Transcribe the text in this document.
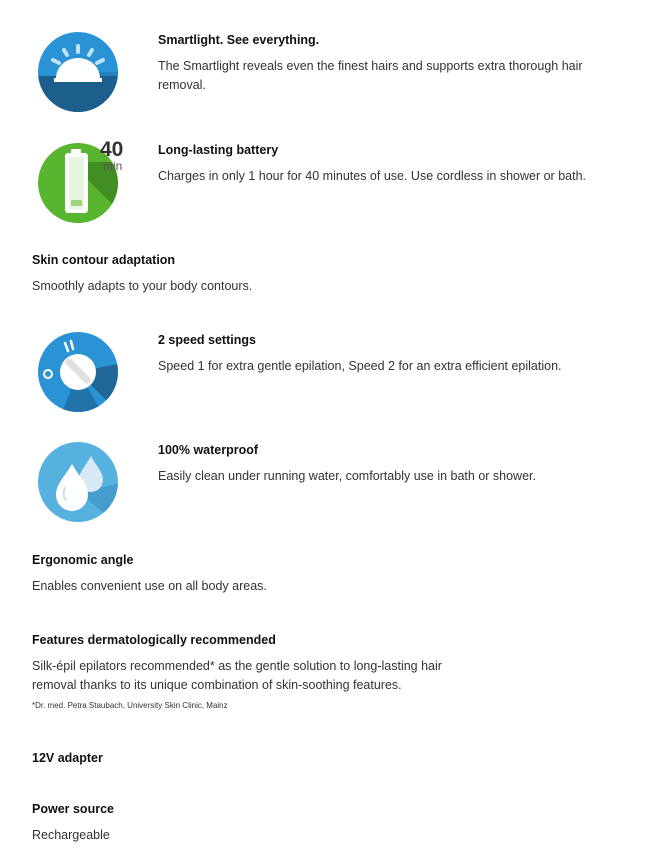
Smartlight. See everything.
The Smartlight reveals even the finest hairs and supports extra thorough hair removal.
40
min
Long-lasting battery
Charges in only 1 hour for 40 minutes of use. Use cordless in shower or bath.
Skin contour adaptation
Smoothly adapts to your body contours.
2 speed settings
Speed 1 for extra gentle epilation, Speed 2 for an extra efficient epilation.
100% waterproof
Easily clean under running water, comfortably use in bath or shower.
Ergonomic angle
Enables convenient use on all body areas.
Features dermatologically recommended
Silk-épil epilators recommended* as the gentle solution to long-lasting hair
removal thanks to its unique combination of skin-soothing features.
*Dr. med. Petra Staubach, University Skin Clinic, Mainz
12V adapter
Power source
Rechargeable
